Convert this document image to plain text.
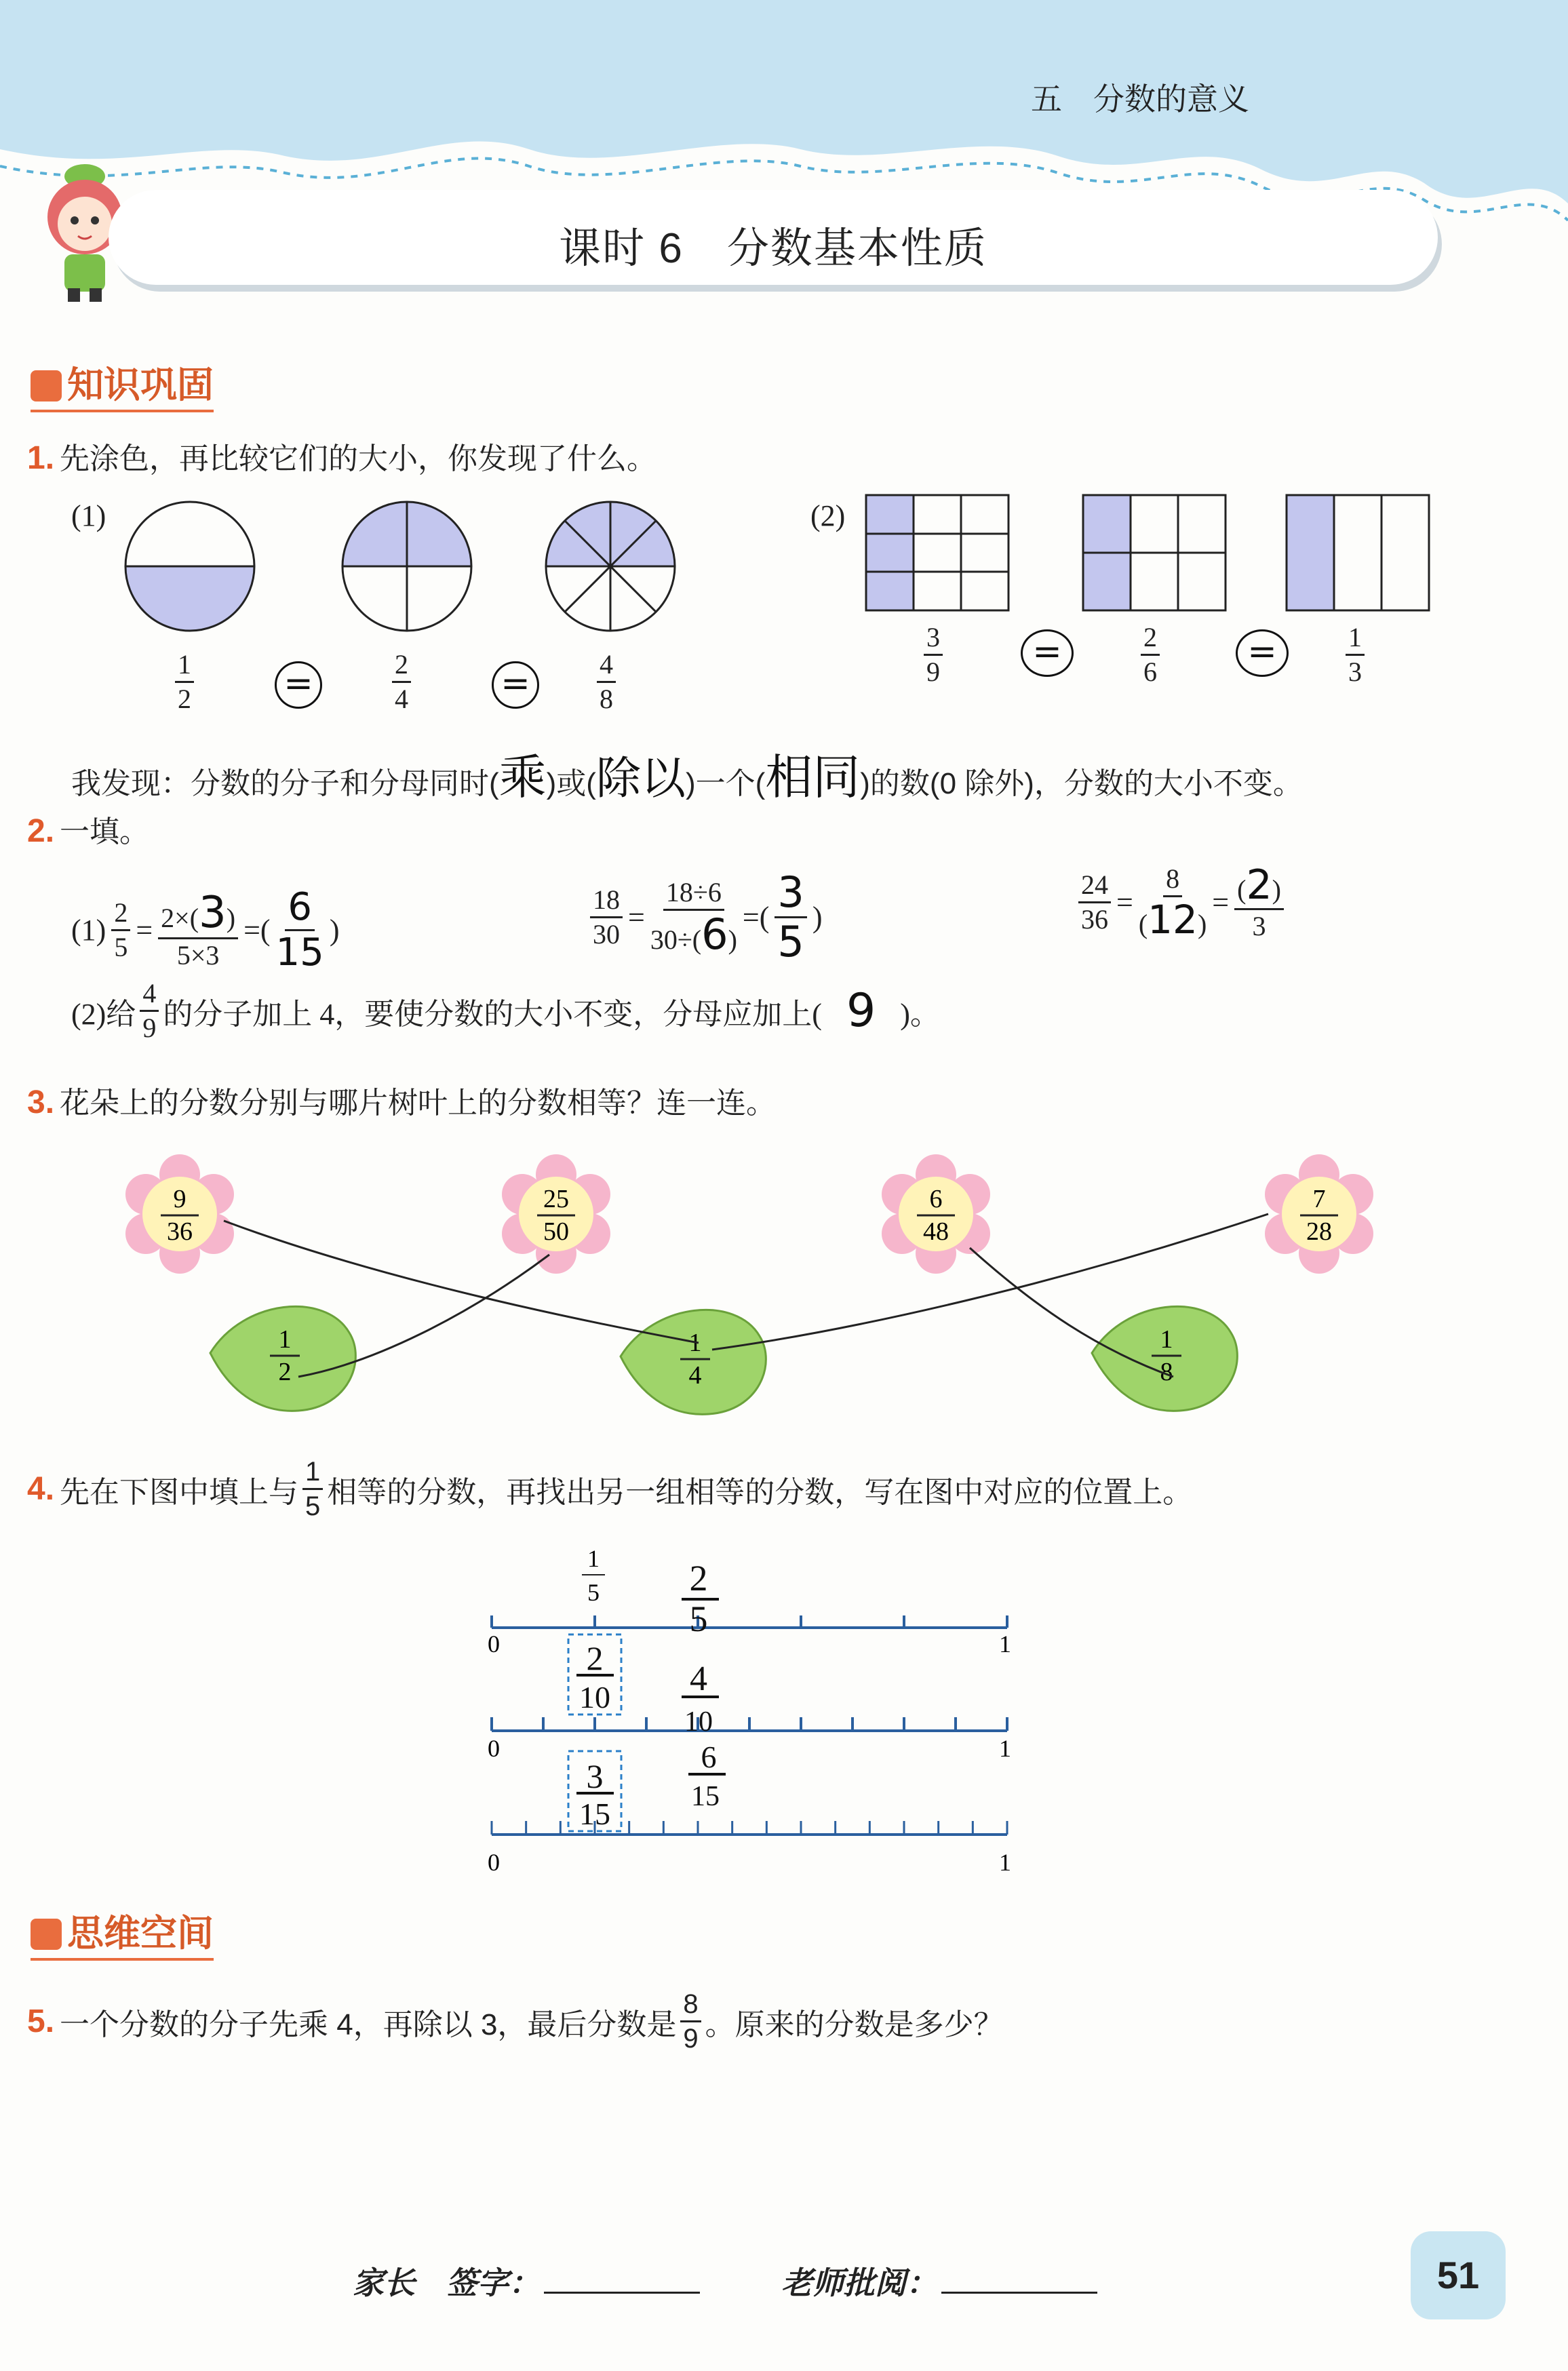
五　分数的意义
课时 6　分数基本性质
知识巩固
1. 先涂色，再比较它们的大小，你发现了什么。
(1)	(2)
$\frac{1}{2}$	=	$\frac{2}{4}$	=	$\frac{4}{8}$	$\frac{3}{9}$	=	$\frac{2}{6}$	=	$\frac{1}{3}$
我发现：分数的分子和分母同时(乘)或(除以)一个(相同)的数(0 除外)，分数的大小不变。
2. 一填。
$(1) \frac{2}{5} = \frac{2\times(3)}{5\times 3}$ =( $\frac{6}{15}$ )	$\frac{18}{30} = \frac{18\div 6}{30\div(6)}$ =( $\frac{3}{5}$ )	$\frac{24}{36} = \frac{8}{(12)} = \frac{(2)}{3}$
(2)给 $\frac{4}{9}$ 的分子加上 4，要使分数的大小不变，分母应加上( 9 )。
3. 花朵上的分数分别与哪片树叶上的分数相等？连一连。
9
36
25
50
6
48
7
28
1
2
1
4
1
8
4. 先在下图中填上与 $\frac{1}{5}$ 相等的分数，再找出另一组相等的分数，写在图中对应的位置上。
1
5
0	1
0	1
0	1
2
5
2
10 4
10
3
15
6
15
思维空间
5. 一个分数的分子先乘 4，再除以 3，最后分数是 $\frac{8}{9}$ 。原来的分数是多少？
家长　签字：	老师批阅：	51
